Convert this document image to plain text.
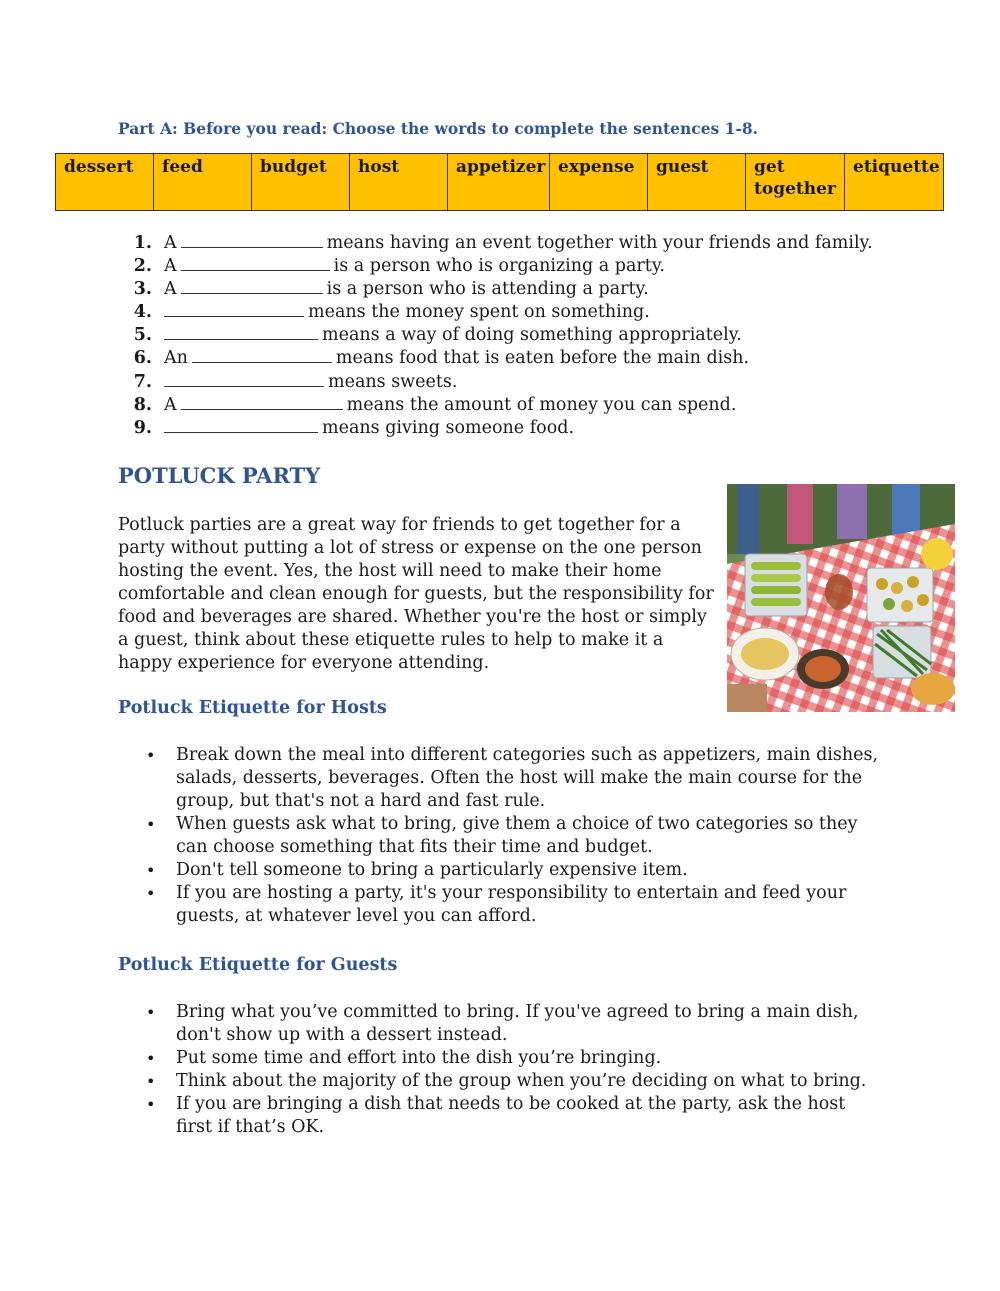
Part A: Before you read: Choose the words to complete the sentences 1-8.
dessert	feed	budget	host	appetizer	expense	guest	get together	etiquette
1. A	means having an event together with your friends and family.
2. A	is a person who is organizing a party.
3. A	is a person who is attending a party.
4.	means the money spent on something.
5.	means a way of doing something appropriately.
6. An	means food that is eaten before the main dish.
7.	means sweets.
8. A	means the amount of money you can spend.
9.	means giving someone food.
POTLUCK PARTY

Potluck parties are a great way for friends to get together for a party without putting a lot of stress or expense on the one person hosting the event. Yes, the host will need to make their home comfortable and clean enough for guests, but the responsibility for food and beverages are shared. Whether you're the host or simply a guest, think about these etiquette rules to help to make it a happy experience for everyone attending.

Potluck Etiquette for Hosts
• Break down the meal into different categories such as appetizers, main dishes, salads, desserts, beverages. Often the host will make the main course for the group, but that's not a hard and fast rule.
• When guests ask what to bring, give them a choice of two categories so they can choose something that fits their time and budget.
• Don't tell someone to bring a particularly expensive item.
• If you are hosting a party, it's your responsibility to entertain and feed your guests, at whatever level you can afford.
Potluck Etiquette for Guests
• Bring what you’ve committed to bring. If you've agreed to bring a main dish, don't show up with a dessert instead.
• Put some time and effort into the dish you’re bringing.
• Think about the majority of the group when you’re deciding on what to bring.
• If you are bringing a dish that needs to be cooked at the party, ask the host first if that’s OK.
